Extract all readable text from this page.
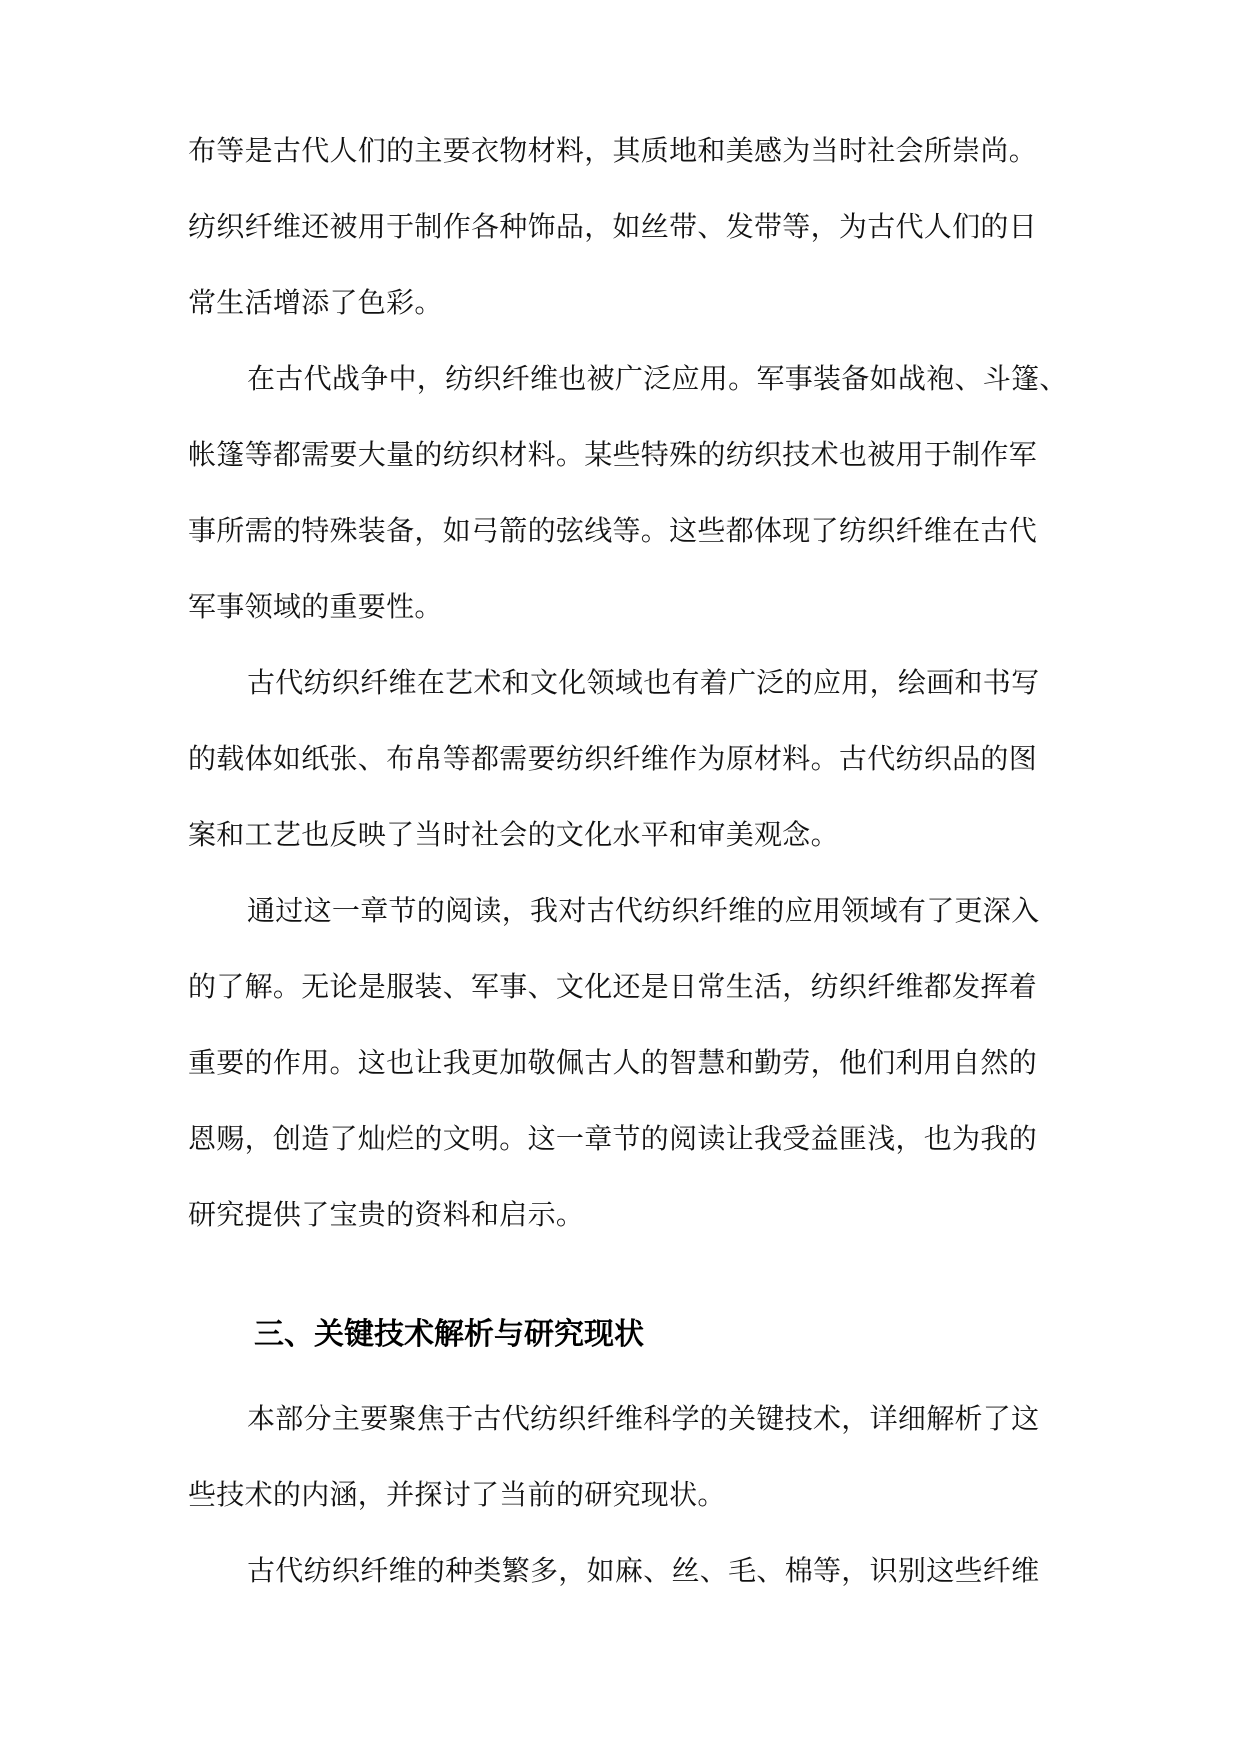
布等是古代人们的主要衣物材料，其质地和美感为当时社会所崇尚。
纺织纤维还被用于制作各种饰品，如丝带、发带等，为古代人们的日
常生活增添了色彩。
在古代战争中，纺织纤维也被广泛应用。军事装备如战袍、斗篷、
帐篷等都需要大量的纺织材料。某些特殊的纺织技术也被用于制作军
事所需的特殊装备，如弓箭的弦线等。这些都体现了纺织纤维在古代
军事领域的重要性。
古代纺织纤维在艺术和文化领域也有着广泛的应用，绘画和书写
的载体如纸张、布帛等都需要纺织纤维作为原材料。古代纺织品的图
案和工艺也反映了当时社会的文化水平和审美观念。
通过这一章节的阅读，我对古代纺织纤维的应用领域有了更深入
的了解。无论是服装、军事、文化还是日常生活，纺织纤维都发挥着
重要的作用。这也让我更加敬佩古人的智慧和勤劳，他们利用自然的
恩赐，创造了灿烂的文明。这一章节的阅读让我受益匪浅，也为我的
研究提供了宝贵的资料和启示。
三、关键技术解析与研究现状
本部分主要聚焦于古代纺织纤维科学的关键技术，详细解析了这
些技术的内涵，并探讨了当前的研究现状。
古代纺织纤维的种类繁多，如麻、丝、毛、棉等，识别这些纤维
